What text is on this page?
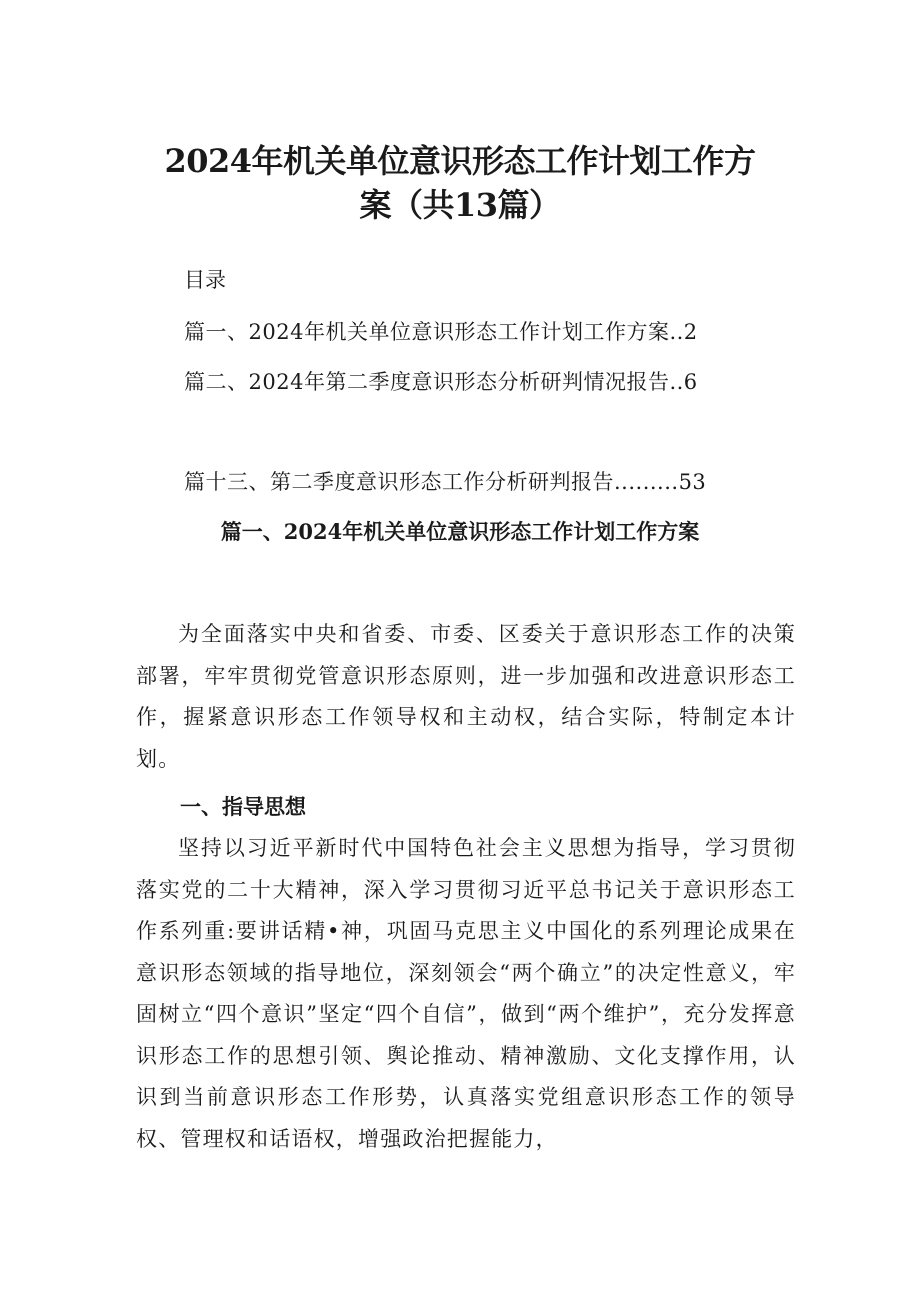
2024年机关单位意识形态工作计划工作方
案（共13篇）
目录
篇一、2024年机关单位意识形态工作计划工作方案..2
篇二、2024年第二季度意识形态分析研判情况报告..6
篇十三、第二季度意识形态工作分析研判报告.........53
篇一、2024年机关单位意识形态工作计划工作方案

为全面落实中央和省委、市委、区委关于意识形态工作的决策部署，牢牢贯彻党管意识形态原则，进一步加强和改进意识形态工作，握紧意识形态工作领导权和主动权，结合实际，特制定本计划。

一、指导思想

坚持以习近平新时代中国特色社会主义思想为指导，学习贯彻落实党的二十大精神，深入学习贯彻习近平总书记关于意识形态工作系列重:要讲话精•神，巩固马克思主义中国化的系列理论成果在意识形态领域的指导地位，深刻领会“两个确立”的决定性意义，牢固树立“四个意识”坚定“四个自信”，做到“两个维护”，充分发挥意识形态工作的思想引领、舆论推动、精神激励、文化支撑作用，认识到当前意识形态工作形势，认真落实党组意识形态工作的领导权、管理权和话语权，增强政治把握能力，
